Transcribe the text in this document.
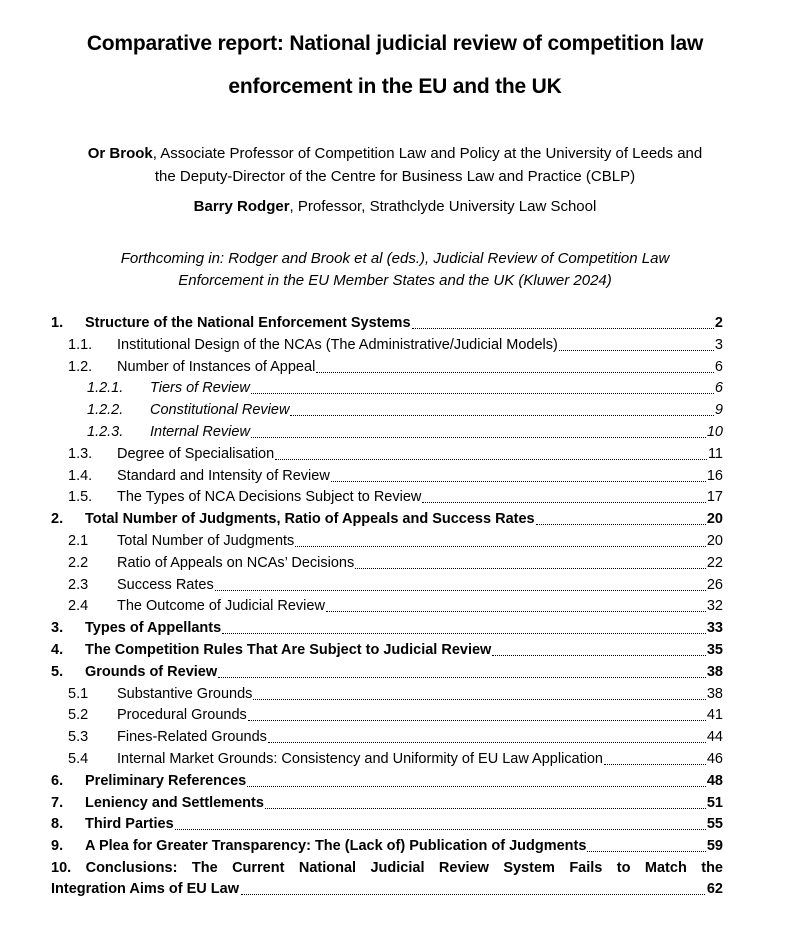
Comparative report: National judicial review of competition law
enforcement in the EU and the UK
Or Brook, Associate Professor of Competition Law and Policy at the University of Leeds and
the Deputy-Director of the Centre for Business Law and Practice (CBLP)
Barry Rodger, Professor, Strathclyde University Law School
Forthcoming in: Rodger and Brook et al (eds.), Judicial Review of Competition Law
Enforcement in the EU Member States and the UK (Kluwer 2024)
1.	Structure of the National Enforcement Systems	2
1.1.	Institutional Design of the NCAs (The Administrative/Judicial Models)	3
1.2.	Number of Instances of Appeal	6
1.2.1.	Tiers of Review	6
1.2.2.	Constitutional Review	9
1.2.3.	Internal Review	10
1.3.	Degree of Specialisation	11
1.4.	Standard and Intensity of Review	16
1.5.	The Types of NCA Decisions Subject to Review	17
2.	Total Number of Judgments, Ratio of Appeals and Success Rates	20
2.1	Total Number of Judgments	20
2.2	Ratio of Appeals on NCAs’ Decisions	22
2.3	Success Rates	26
2.4	The Outcome of Judicial Review	32
3.	Types of Appellants	33
4.	The Competition Rules That Are Subject to Judicial Review	35
5.	Grounds of Review	38
5.1	Substantive Grounds	38
5.2	Procedural Grounds	41
5.3	Fines-Related Grounds	44
5.4	Internal Market Grounds: Consistency and Uniformity of EU Law Application	46
6.	Preliminary References	48
7.	Leniency and Settlements	51
8.	Third Parties	55
9.	A Plea for Greater Transparency: The (Lack of) Publication of Judgments	59
10. Conclusions: The Current National Judicial Review System Fails to Match the
Integration Aims of EU Law	62
